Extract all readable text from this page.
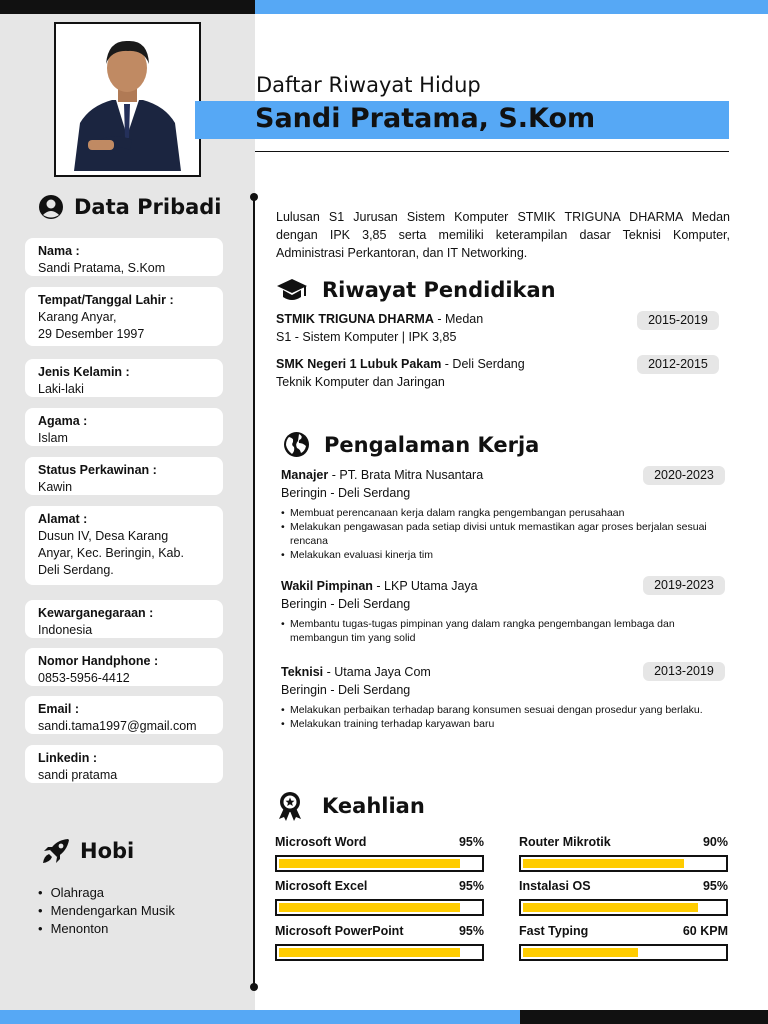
Data Pribadi
Nama :
Sandi Pratama, S.Kom
Tempat/Tanggal Lahir :
Karang Anyar,
29 Desember 1997
Jenis Kelamin :
Laki-laki
Agama :
Islam
Status Perkawinan :
Kawin
Alamat :
Dusun IV, Desa Karang
Anyar, Kec. Beringin, Kab.
Deli Serdang.
Kewarganegaraan :
Indonesia
Nomor Handphone :
0853-5956-4412
Email :
sandi.tama1997@gmail.com
Linkedin :
sandi pratama
Hobi
• Olahraga
• Mendengarkan Musik
• Menonton
Daftar Riwayat Hidup
Sandi Pratama, S.Kom
Lulusan S1 Jurusan Sistem Komputer STMIK TRIGUNA DHARMA Medan dengan IPK 3,85 serta memiliki keterampilan dasar Teknisi Komputer, Administrasi Perkantoran, dan IT Networking.
Riwayat Pendidikan
STMIK TRIGUNA DHARMA - Medan
S1 - Sistem Komputer | IPK 3,85
2015-2019
SMK Negeri 1 Lubuk Pakam - Deli Serdang
Teknik Komputer dan Jaringan
2012-2015
Pengalaman Kerja
Manajer - PT. Brata Mitra Nusantara
Beringin - Deli Serdang
2020-2023
• Membuat perencanaan kerja dalam rangka pengembangan perusahaan
• Melakukan pengawasan pada setiap divisi untuk memastikan agar proses berjalan sesuai rencana
• Melakukan evaluasi kinerja tim
Wakil Pimpinan - LKP Utama Jaya
Beringin - Deli Serdang
2019-2023
• Membantu tugas-tugas pimpinan yang dalam rangka pengembangan lembaga dan membangun tim yang solid
Teknisi - Utama Jaya Com
Beringin - Deli Serdang
2013-2019
• Melakukan perbaikan terhadap barang konsumen sesuai dengan prosedur yang berlaku.
• Melakukan training terhadap karyawan baru
Keahlian
Microsoft Word	95%	Router Mikrotik	90%
Microsoft Excel	95%	Instalasi OS	95%
Microsoft PowerPoint	95%	Fast Typing	60 KPM
